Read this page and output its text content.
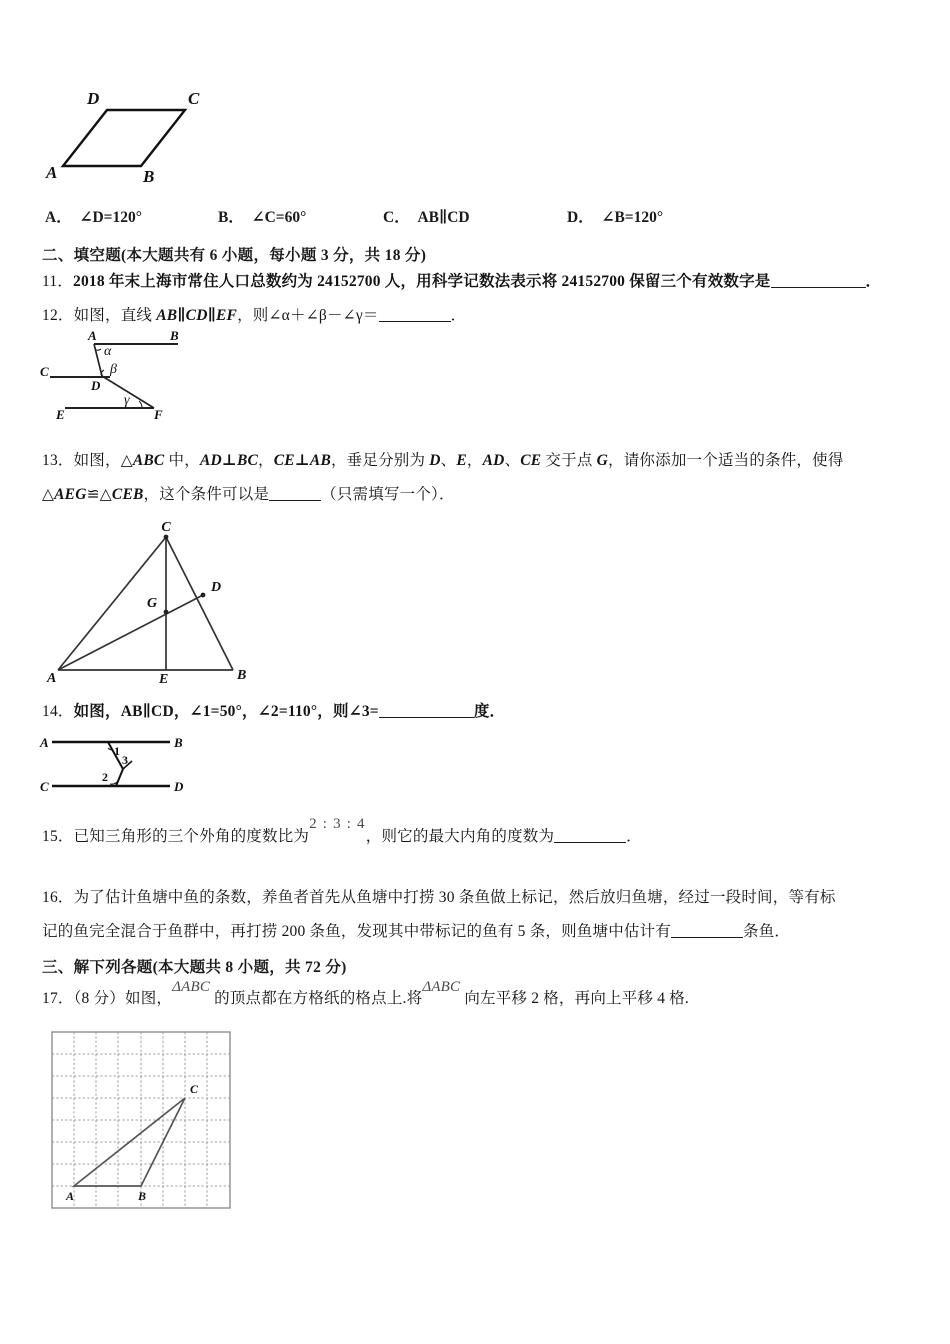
A	B
C
D
A． ∠D=120°	B． ∠C=60°	C． AB∥CD	D． ∠B=120°
二、填空题(本大题共有 6 小题，每小题 3 分，共 18 分)
11．2018 年末上海市常住人口总数约为 24152700 人，用科学记数法表示将 24152700 保留三个有效数字是	．
12．如图，直线 AB∥CD∥EF，则∠α＋∠β－∠γ＝	．
A	B
C
D
E	F
α
β
γ
13．如图，△ABC 中，AD⊥BC，CE⊥AB，垂足分别为 D、E，AD、CE 交于点 G，请你添加一个适当的条件，使得
△AEG≌△CEB，这个条件可以是	（只需填写一个）．
C
A	B
E
D
G
14．如图，AB∥CD，∠1=50°，∠2=110°，则∠3=	度．
A	B
C	D
1
2
3
15．已知三角形的三个外角的度数比为2 : 3 : 4，则它的最大内角的度数为	．
16．为了估计鱼塘中鱼的条数，养鱼者首先从鱼塘中打捞 30 条鱼做上标记，然后放归鱼塘，经过一段时间，等有标
记的鱼完全混合于鱼群中，再打捞 200 条鱼，发现其中带标记的鱼有 5 条，则鱼塘中估计有	条鱼．
三、解下列各题(本大题共 8 小题，共 72 分)
17．（8 分）如图，ΔABC 的顶点都在方格纸的格点上.将ΔABC 向左平移 2 格，再向上平移 4 格.
A	B
C
